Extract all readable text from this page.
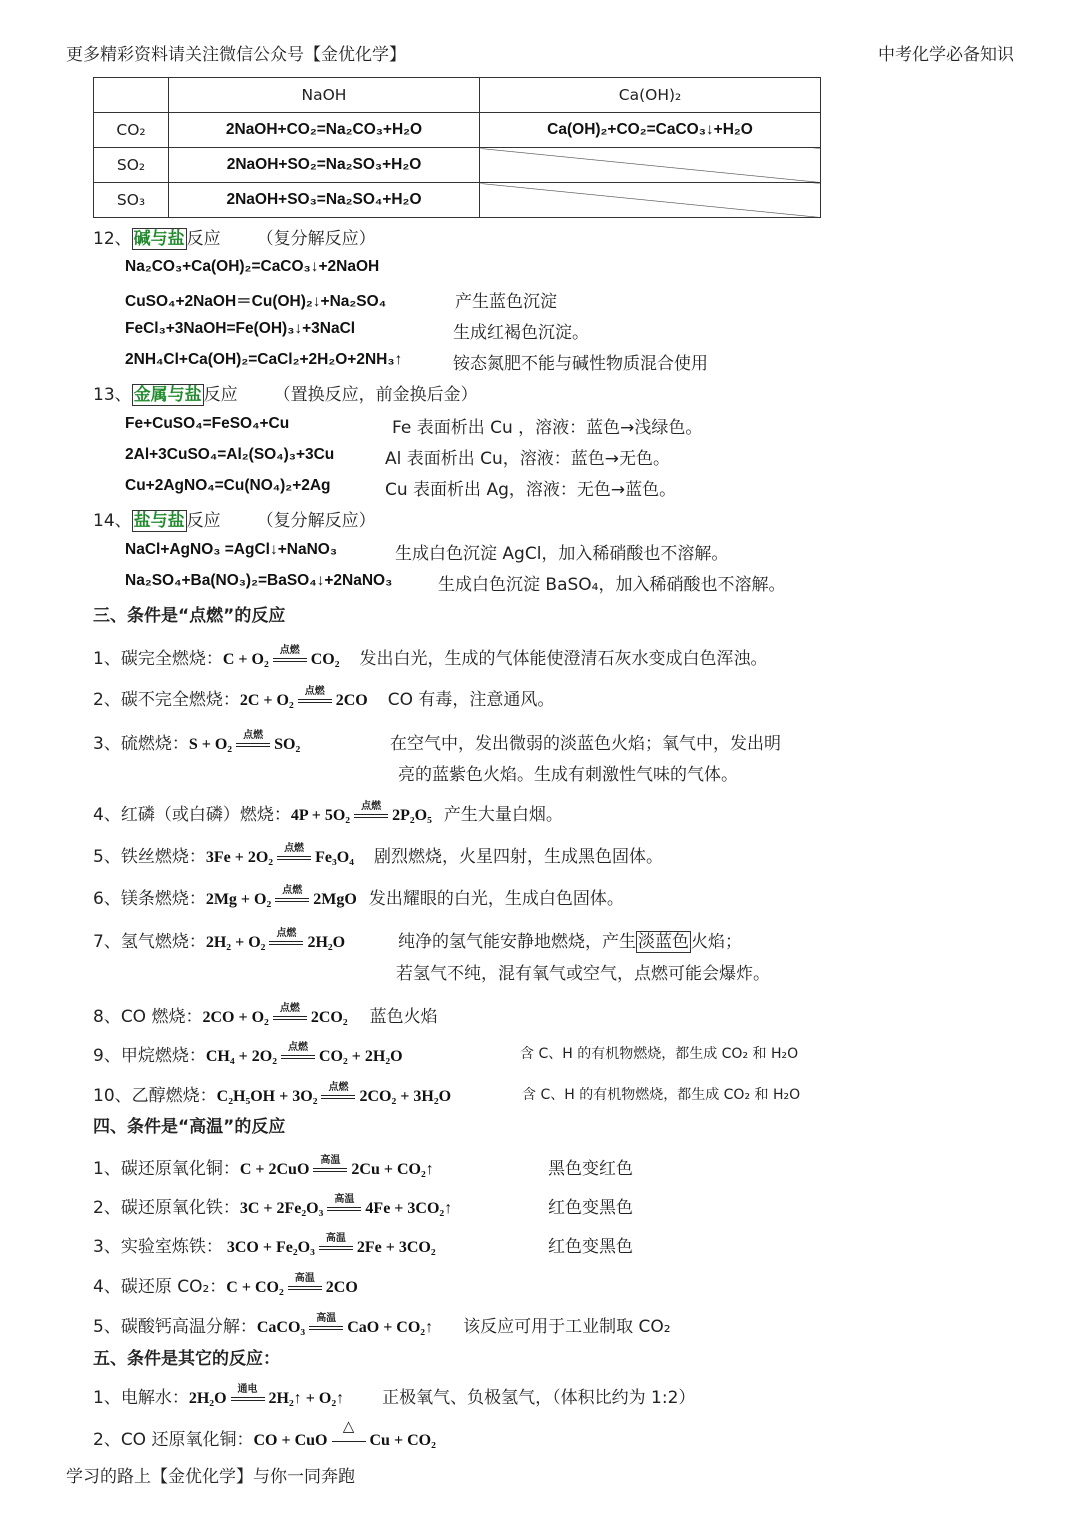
更多精彩资料请关注微信公众号【金优化学】	中考化学必备知识
	NaOH	Ca(OH)₂
CO₂	2NaOH+CO₂=Na₂CO₃+H₂O	Ca(OH)₂+CO₂=CaCO₃↓+H₂O
SO₂	2NaOH+SO₂=Na₂SO₃+H₂O	
SO₃	2NaOH+SO₃=Na₂SO₄+H₂O	
12、 碱与盐 反应 （复分解反应）
Na₂CO₃+Ca(OH)₂=CaCO₃↓+2NaOH
CuSO₄+2NaOH＝Cu(OH)₂↓+Na₂SO₄	产生蓝色沉淀
FeCl₃+3NaOH=Fe(OH)₃↓+3NaCl	生成红褐色沉淀。
2NH₄Cl+Ca(OH)₂=CaCl₂+2H₂O+2NH₃↑	铵态氮肥不能与碱性物质混合使用
13、 金属与盐 反应 （置换反应，前金换后金）
Fe+CuSO₄=FeSO₄+Cu	Fe 表面析出 Cu ，溶液：蓝色→浅绿色。
2Al+3CuSO₄=Al₂(SO₄)₃+3Cu	Al 表面析出 Cu，溶液：蓝色→无色。
Cu+2AgNO₄=Cu(NO₄)₂+2Ag	Cu 表面析出 Ag，溶液：无色→蓝色。
14、 盐与盐 反应 （复分解反应）
NaCl+AgNO₃ =AgCl↓+NaNO₃	生成白色沉淀 AgCl，加入稀硝酸也不溶解。
Na₂SO₄+Ba(NO₃)₂=BaSO₄↓+2NaNO₃	生成白色沉淀 BaSO₄，加入稀硝酸也不溶解。
三、条件是“点燃”的反应
1、碳完全燃烧：C + O₂
点燃
CO₂ 发出白光，生成的气体能使澄清石灰水变成白色浑浊。
2、碳不完全燃烧：2C + O₂
点燃
2CO CO 有毒，注意通风。
3、硫燃烧：S + O₂
点燃
SO₂	在空气中，发出微弱的淡蓝色火焰；氧气中，发出明
亮的蓝紫色火焰。生成有刺激性气味的气体。
4、红磷（或白磷）燃烧：4P + 5O₂
点燃
2P₂O₅ 产生大量白烟。
5、铁丝燃烧：3Fe + 2O₂
点燃
Fe₃O₄ 剧烈燃烧，火星四射，生成黑色固体。
6、镁条燃烧：2Mg + O₂
点燃
2MgO 发出耀眼的白光，生成白色固体。
7、氢气燃烧：2H₂ + O₂
点燃
2H₂O	纯净的氢气能安静地燃烧，产生 淡蓝色 火焰；
若氢气不纯，混有氧气或空气，点燃可能会爆炸。
8、CO 燃烧：2CO + O₂
点燃
2CO₂ 蓝色火焰
9、甲烷燃烧：CH₄ + 2O₂
点燃
CO₂ + 2H₂O	含 C、H 的有机物燃烧，都生成 CO₂ 和 H₂O
10、乙醇燃烧：C₂H₅OH + 3O₂
点燃
2CO₂ + 3H₂O	含 C、H 的有机物燃烧，都生成 CO₂ 和 H₂O
四、条件是“高温”的反应
1、碳还原氧化铜：C + 2CuO
高温
2Cu + CO₂↑	黑色变红色
2、碳还原氧化铁：3C + 2Fe₂O₃
高温
4Fe + 3CO₂↑	红色变黑色
3、实验室炼铁： 3CO + Fe₂O₃
高温
2Fe + 3CO₂	红色变黑色
4、碳还原 CO₂：C + CO₂
高温
2CO
5、碳酸钙高温分解：CaCO₃
高温
CaO + CO₂↑ 该反应可用于工业制取 CO₂
五、条件是其它的反应：
1、电解水：2H₂O
通电
2H₂↑ + O₂↑ 正极氧气、负极氢气，（体积比约为 1:2）
2、CO 还原氧化铜：CO + CuO
△
Cu + CO₂
学习的路上【金优化学】与你一同奔跑
